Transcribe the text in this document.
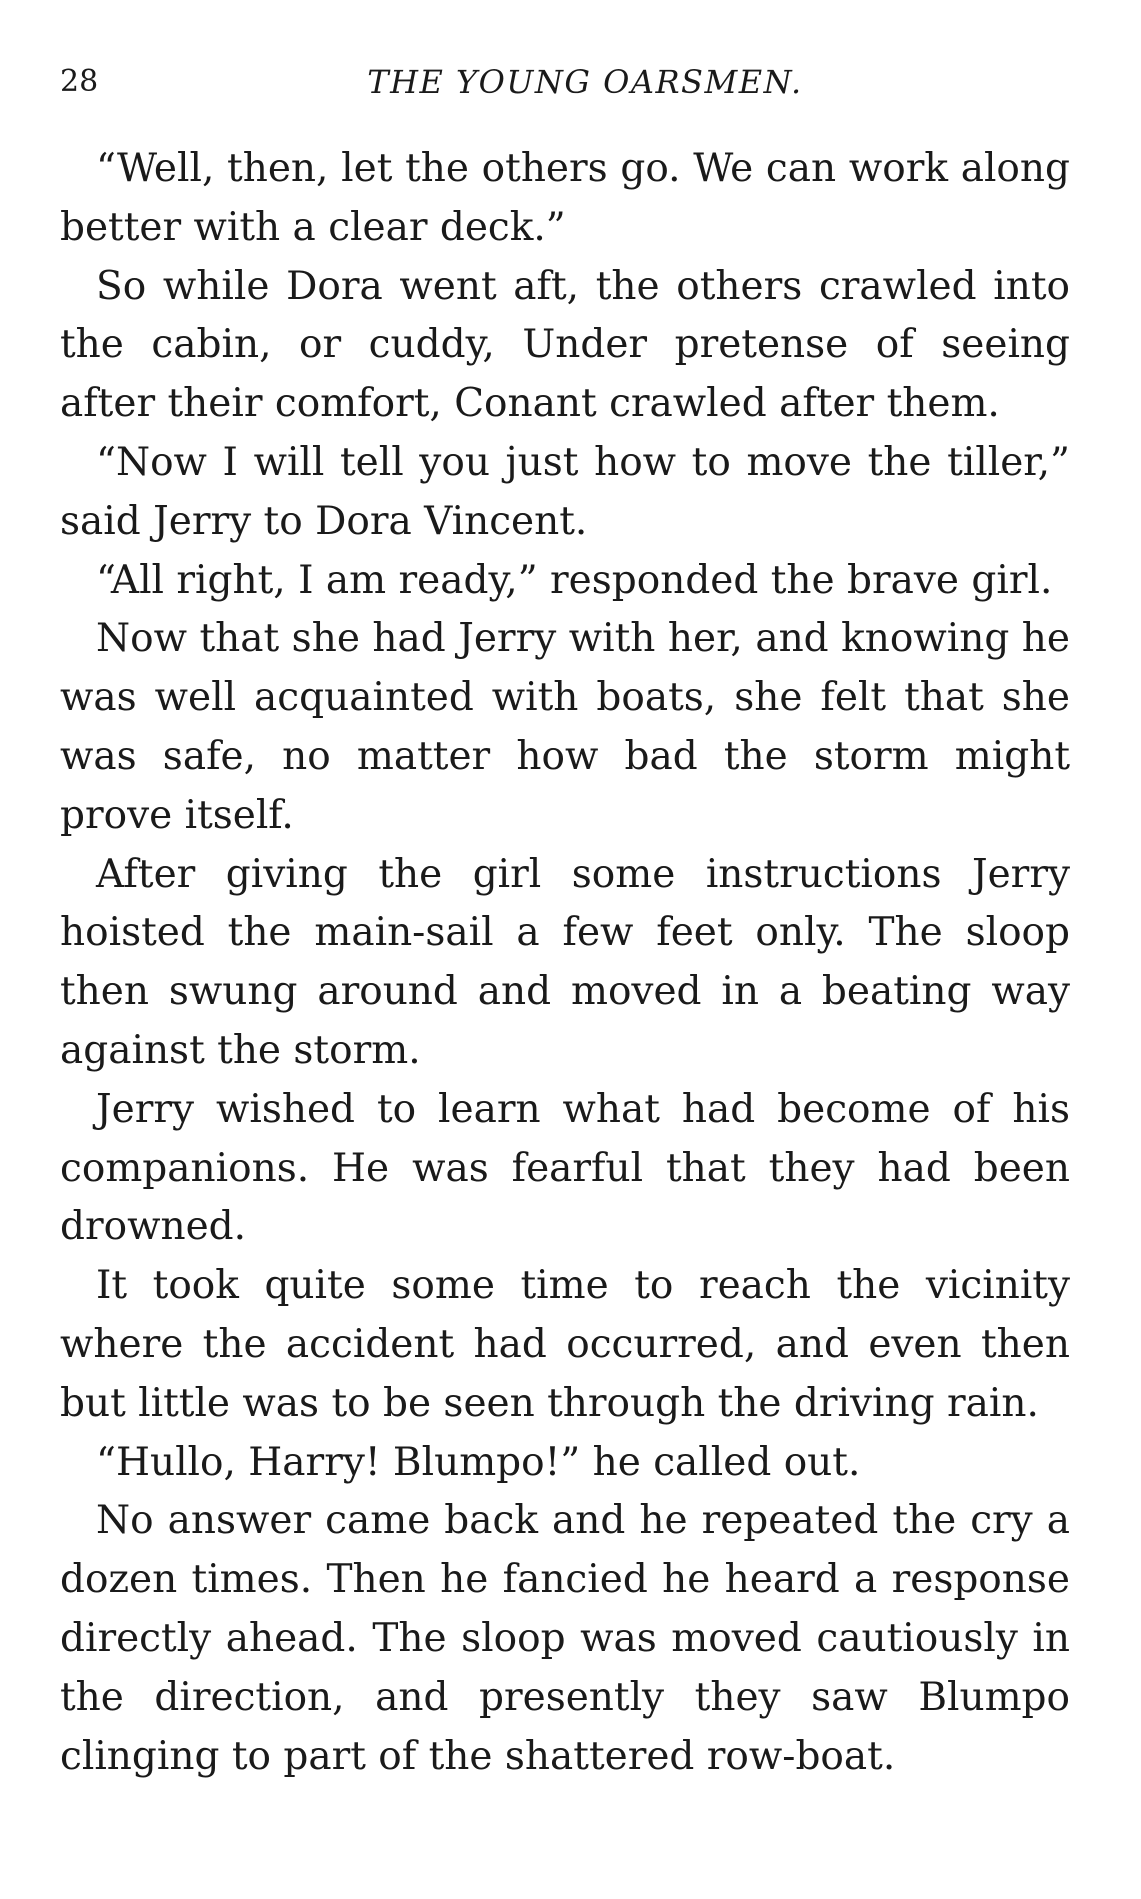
28	THE YOUNG OARSMEN.

“Well, then, let the others go. We can work along better with a clear deck.”

So while Dora went aft, the others crawled into the cabin, or cuddy, Under pretense of seeing after their comfort, Conant crawled after them.

“Now I will tell you just how to move the tiller,” said Jerry to Dora Vincent.

“All right, I am ready,” responded the brave girl.

Now that she had Jerry with her, and knowing he was well acquainted with boats, she felt that she was safe, no matter how bad the storm might prove itself.

After giving the girl some instructions Jerry hoisted the main-sail a few feet only. The sloop then swung around and moved in a beating way against the storm.

Jerry wished to learn what had become of his companions. He was fearful that they had been drowned.

It took quite some time to reach the vicinity where the accident had occurred, and even then but little was to be seen through the driving rain.

“Hullo, Harry! Blumpo!” he called out.

No answer came back and he repeated the cry a dozen times. Then he fancied he heard a response directly ahead. The sloop was moved cautiously in the direction, and presently they saw Blumpo clinging to part of the shattered row-boat.
